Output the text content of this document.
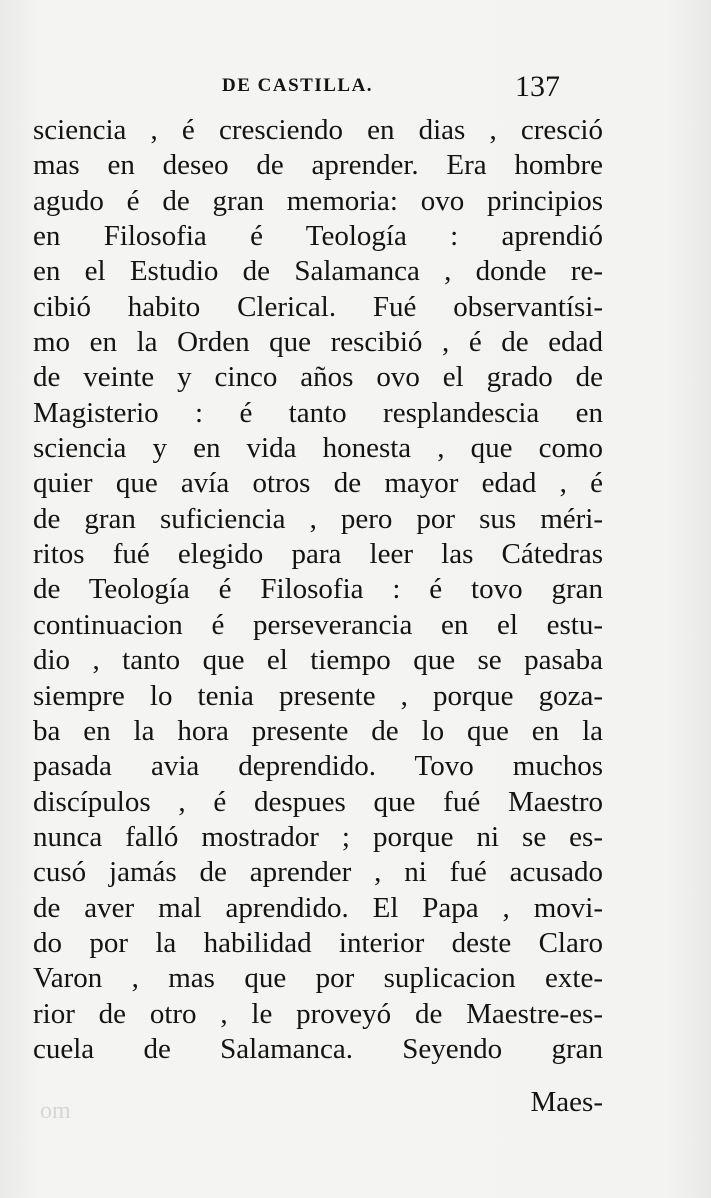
DE CASTILLA.	137
sciencia , é cresciendo en dias , cresció
mas en deseo de aprender. Era hombre
agudo é de gran memoria: ovo principios
en Filosofia é Teología : aprendió
en el Estudio de Salamanca , donde re-
cibió habito Clerical. Fué observantísi-
mo en la Orden que rescibió , é de edad
de veinte y cinco años ovo el grado de
Magisterio : é tanto resplandescia en
sciencia y en vida honesta , que como
quier que avía otros de mayor edad , é
de gran suficiencia , pero por sus méri-
ritos fué elegido para leer las Cátedras
de Teología é Filosofia : é tovo gran
continuacion é perseverancia en el estu-
dio , tanto que el tiempo que se pasaba
siempre lo tenia presente , porque goza-
ba en la hora presente de lo que en la
pasada avia deprendido. Tovo muchos
discípulos , é despues que fué Maestro
nunca falló mostrador ; porque ni se es-
cusó jamás de aprender , ni fué acusado
de aver mal aprendido. El Papa , movi-
do por la habilidad interior deste Claro
Varon , mas que por suplicacion exte-
rior de otro , le proveyó de Maestre-es-
cuela de Salamanca. Seyendo gran
om	Maes-
